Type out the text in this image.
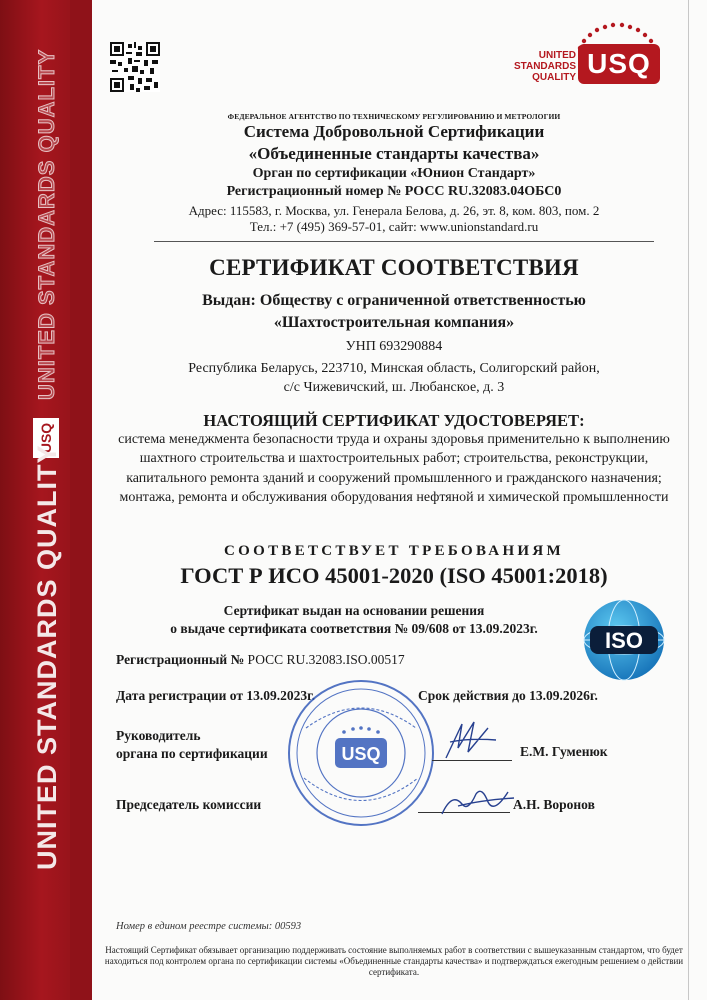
UNITED STANDARDS QUALITY
USQ
UNITED STANDARDS QUALITY
UNITED
STANDARDS
QUALITY USQ
ФЕДЕРАЛЬНОЕ АГЕНТСТВО ПО ТЕХНИЧЕСКОМУ РЕГУЛИРОВАНИЮ И МЕТРОЛОГИИ
Система Добровольной Сертификации
«Объединенные стандарты качества»
Орган по сертификации «Юнион Стандарт»
Регистрационный номер № РОСС RU.32083.04ОБС0
Адрес: 115583, г. Москва, ул. Генерала Белова, д. 26, эт. 8, ком. 803, пом. 2
Тел.: +7 (495) 369-57-01, сайт: www.unionstandard.ru
СЕРТИФИКАТ СООТВЕТСТВИЯ
Выдан: Обществу с ограниченной ответственностью
«Шахтостроительная компания»
УНП 693290884
Республика Беларусь, 223710, Минская область, Солигорский район,
с/с Чижевичский, ш. Любанское, д. 3
НАСТОЯЩИЙ СЕРТИФИКАТ УДОСТОВЕРЯЕТ:
система менеджмента безопасности труда и охраны здоровья применительно к выполнению шахтного строительства и шахтостроительных работ; строительства, реконструкции, капитального ремонта зданий и сооружений промышленного и гражданского назначения; монтажа, ремонта и обслуживания оборудования нефтяной и химической промышленности
СООТВЕТСТВУЕТ ТРЕБОВАНИЯМ
ГОСТ Р ИСО 45001-2020 (ISO 45001:2018)
Сертификат выдан на основании решения
о выдаче сертификата соответствия № 09/608 от 13.09.2023г.	ISO
Регистрационный № РОСС RU.32083.ISO.00517
Дата регистрации от 13.09.2023г.	Срок действия до 13.09.2026г.
USQ
Руководитель
органа по сертификации	Е.М. Гуменюк
Председатель комиссии	А.Н. Воронов
Номер в едином реестре системы: 00593
Настоящий Сертификат обязывает организацию поддерживать состояние выполняемых работ в соответствии с вышеуказанным стандартом, что будет находиться под контролем органа по сертификации системы «Объединенные стандарты качества» и подтверждаться ежегодным решением о действии сертификата.
